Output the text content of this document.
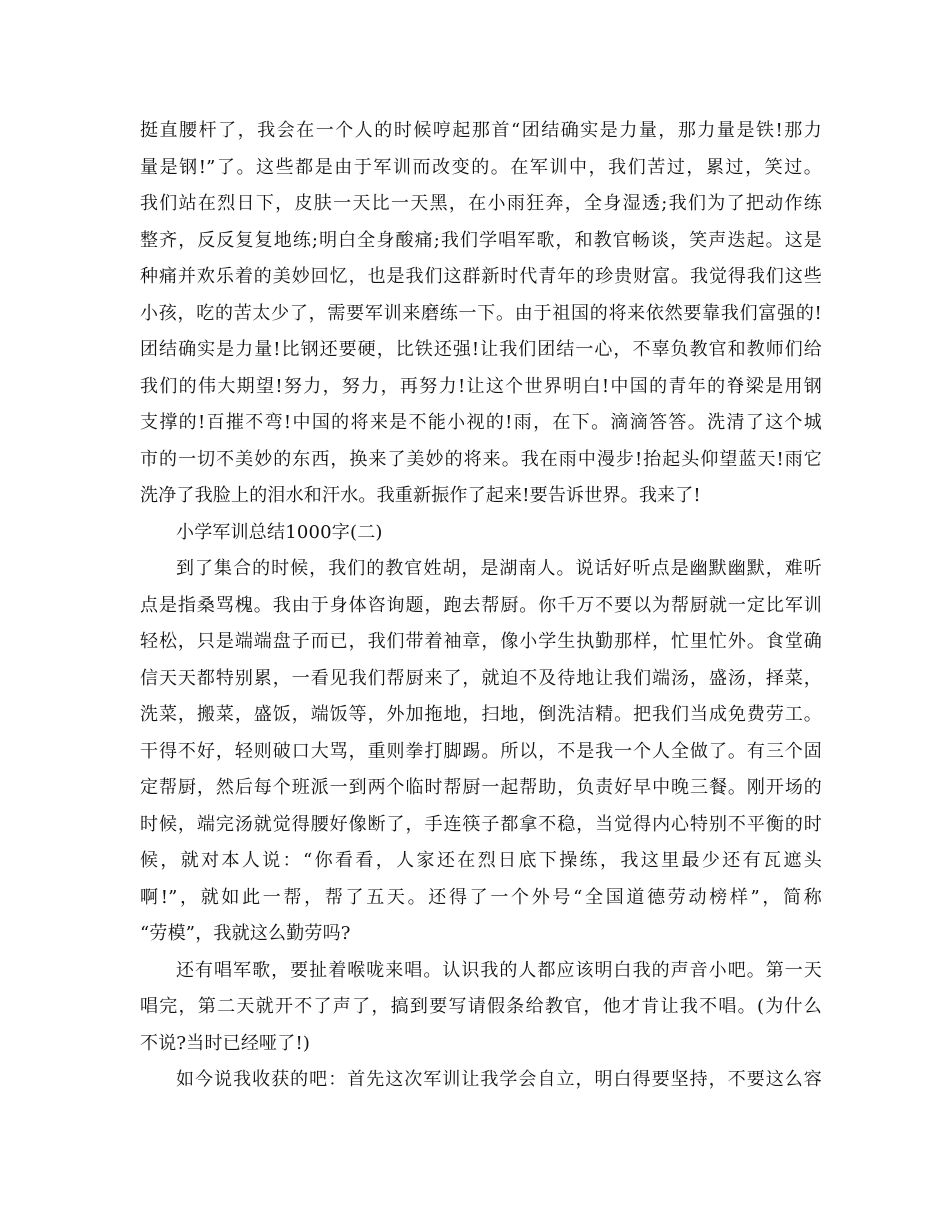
挺直腰杆了，我会在一个人的时候哼起那首“团结确实是力量，那力量是铁!那力
量是钢!”了。这些都是由于军训而改变的。在军训中，我们苦过，累过，笑过。
我们站在烈日下，皮肤一天比一天黑，在小雨狂奔，全身湿透;我们为了把动作练
整齐，反反复复地练;明白全身酸痛;我们学唱军歌，和教官畅谈，笑声迭起。这是
种痛并欢乐着的美妙回忆，也是我们这群新时代青年的珍贵财富。我觉得我们这些
小孩，吃的苦太少了，需要军训来磨练一下。由于祖国的将来依然要靠我们富强的!
团结确实是力量!比钢还要硬，比铁还强!让我们团结一心，不辜负教官和教师们给
我们的伟大期望!努力，努力，再努力!让这个世界明白!中国的青年的脊梁是用钢
支撑的!百摧不弯!中国的将来是不能小视的!雨，在下。滴滴答答。洗清了这个城
市的一切不美妙的东西，换来了美妙的将来。我在雨中漫步!抬起头仰望蓝天!雨它
洗净了我脸上的泪水和汗水。我重新振作了起来!要告诉世界。我来了!
小学军训总结1000字(二)
到了集合的时候，我们的教官姓胡，是湖南人。说话好听点是幽默幽默，难听
点是指桑骂槐。我由于身体咨询题，跑去帮厨。你千万不要以为帮厨就一定比军训
轻松，只是端端盘子而已，我们带着袖章，像小学生执勤那样，忙里忙外。食堂确
信天天都特别累，一看见我们帮厨来了，就迫不及待地让我们端汤，盛汤，择菜，
洗菜，搬菜，盛饭，端饭等，外加拖地，扫地，倒洗洁精。把我们当成免费劳工。
干得不好，轻则破口大骂，重则拳打脚踢。所以，不是我一个人全做了。有三个固
定帮厨，然后每个班派一到两个临时帮厨一起帮助，负责好早中晚三餐。刚开场的
时候，端完汤就觉得腰好像断了，手连筷子都拿不稳，当觉得内心特别不平衡的时
候，就对本人说：“你看看，人家还在烈日底下操练，我这里最少还有瓦遮头
啊!”，就如此一帮，帮了五天。还得了一个外号“全国道德劳动榜样”，简称
“劳模”，我就这么勤劳吗?
还有唱军歌，要扯着喉咙来唱。认识我的人都应该明白我的声音小吧。第一天
唱完，第二天就开不了声了，搞到要写请假条给教官，他才肯让我不唱。(为什么
不说?当时已经哑了!)
如今说我收获的吧：首先这次军训让我学会自立，明白得要坚持，不要这么容
